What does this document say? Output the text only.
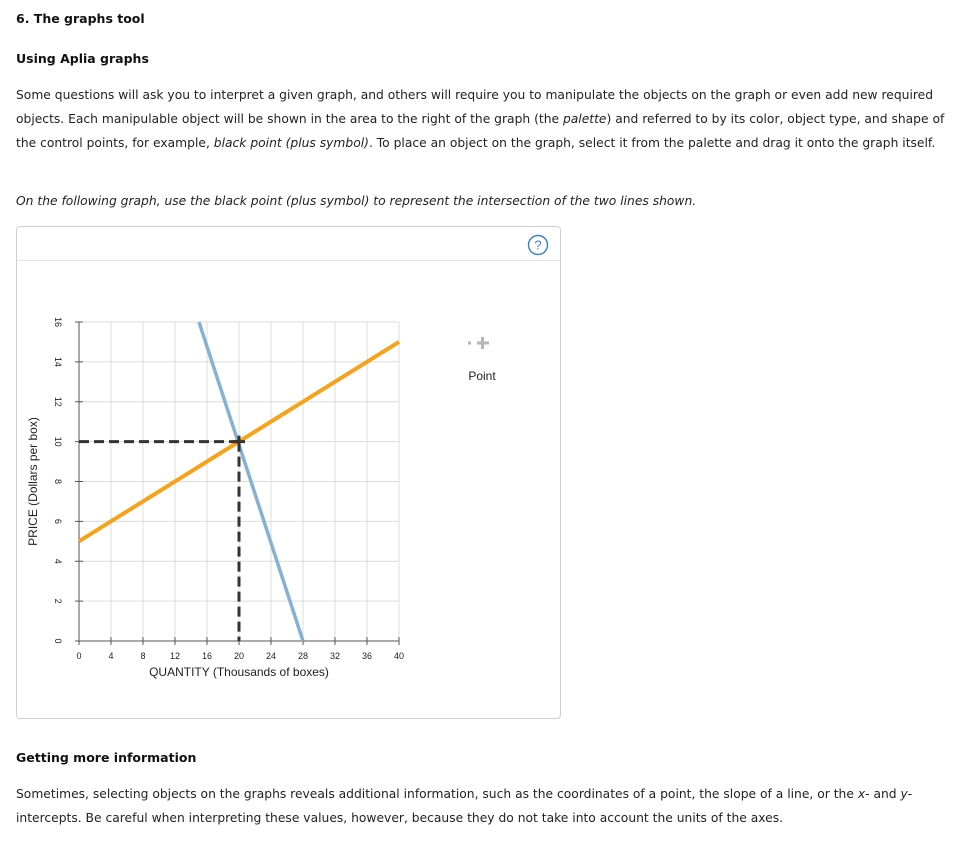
6. The graphs tool
Using Aplia graphs

Some questions will ask you to interpret a given graph, and others will require you to manipulate the objects on the graph or even add new required objects. Each manipulable object will be shown in the area to the right of the graph (the palette) and referred to by its color, object type, and shape of the control points, for example, black point (plus symbol). To place an object on the graph, select it from the palette and drag it onto the graph itself.

On the following graph, use the black point (plus symbol) to represent the intersection of the two lines shown.

?
0	4	8	12 16 20 24 28 32 36 40
0
2
4
6
8
10
12
14
16
QUANTITY (Thousands of boxes)
PRICE (Dollars per box)
Point
Getting more information

Sometimes, selecting objects on the graphs reveals additional information, such as the coordinates of a point, the slope of a line, or the x- and y-intercepts. Be careful when interpreting these values, however, because they do not take into account the units of the axes.
